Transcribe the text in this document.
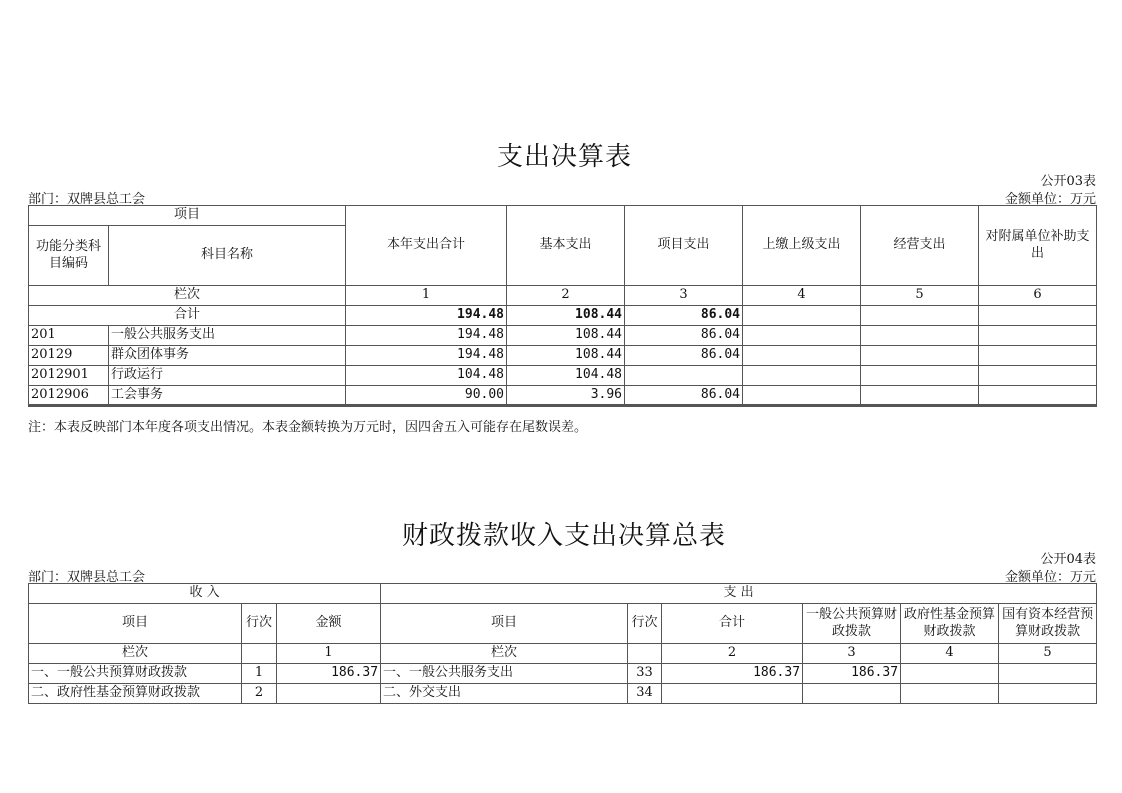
支出决算表
公开03表
部门：双牌县总工会	金额单位：万元
项目		本年支出合计	基本支出	项目支出	上缴上级支出	经营支出	对附属单位补助支出
功能分类科目编码	科目名称						
栏次		1	2	3	4	5	6
合计		194.48	108.44	86.04			
201	一般公共服务支出	194.48	108.44	86.04			
20129	群众团体事务	194.48	108.44	86.04			
2012901	行政运行	104.48	104.48				
2012906	工会事务	90.00	3.96	86.04			
注：本表反映部门本年度各项支出情况。本表金额转换为万元时，因四舍五入可能存在尾数误差。
财政拨款收入支出决算总表
公开04表
部门：双牌县总工会	金额单位：万元
收 入			支 出					
项目	行次	金额	项目	行次	合计	一般公共预算财政拨款	政府性基金预算财政拨款	国有资本经营预算财政拨款
栏次		1	栏次		2	3	4	5
一、一般公共预算财政拨款	1	186.37	一、一般公共服务支出	33	186.37	186.37		
二、政府性基金预算财政拨款	2		二、外交支出	34				
